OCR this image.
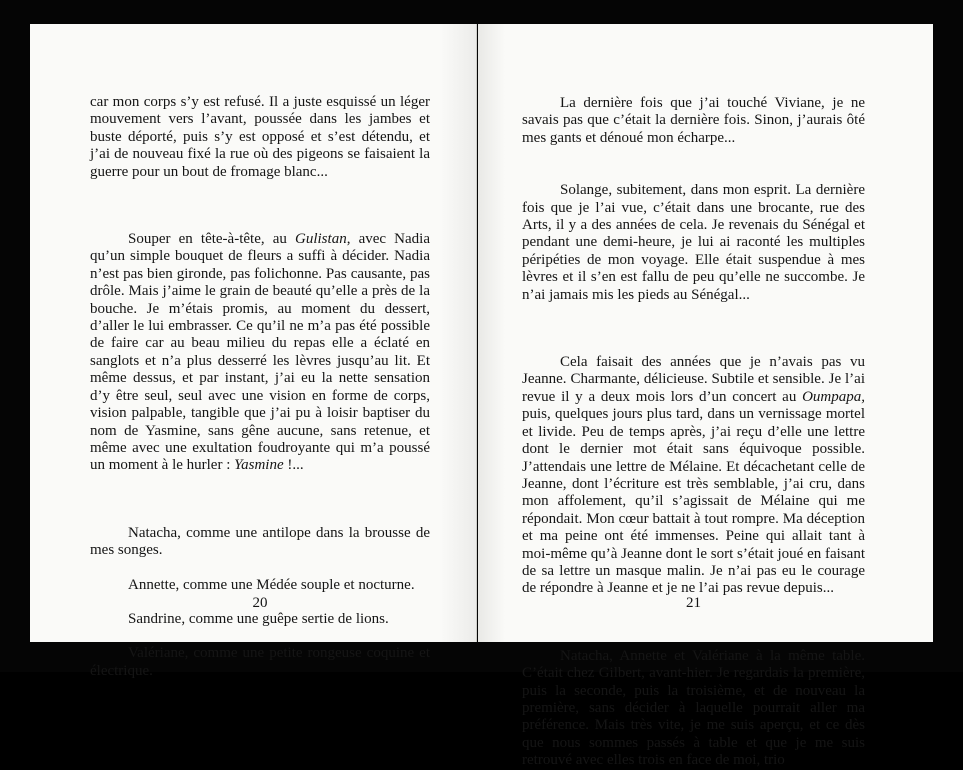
car mon corps s’y est refusé. Il a juste esquissé un léger mouvement vers l’avant, poussée dans les jambes et buste déporté, puis s’y est opposé et s’est détendu, et j’ai de nouveau fixé la rue où des pigeons se faisaient la guerre pour un bout de fromage blanc...

Souper en tête-à-tête, au Gulistan, avec Nadia qu’un simple bouquet de fleurs a suffi à décider. Nadia n’est pas bien gironde, pas folichonne. Pas causante, pas drôle. Mais j’aime le grain de beauté qu’elle a près de la bouche. Je m’étais promis, au moment du dessert, d’aller le lui embrasser. Ce qu’il ne m’a pas été possible de faire car au beau milieu du repas elle a éclaté en sanglots et n’a plus desserré les lèvres jusqu’au lit. Et même dessus, et par instant, j’ai eu la nette sensation d’y être seul, seul avec une vision en forme de corps, vision palpable, tangible que j’ai pu à loisir baptiser du nom de Yasmine, sans gêne aucune, sans retenue, et même avec une exultation foudroyante qui m’a poussé un moment à le hurler : Yasmine !...

Natacha, comme une antilope dans la brousse de mes songes.

Annette, comme une Médée souple et nocturne.

Sandrine, comme une guêpe sertie de lions.

Valériane, comme une petite rongeuse coquine et électrique.

20

La dernière fois que j’ai touché Viviane, je ne savais pas que c’était la dernière fois. Sinon, j’aurais ôté mes gants et dénoué mon écharpe...

Solange, subitement, dans mon esprit. La dernière fois que je l’ai vue, c’était dans une brocante, rue des Arts, il y a des années de cela. Je revenais du Sénégal et pendant une demi-heure, je lui ai raconté les multiples péripéties de mon voyage. Elle était suspendue à mes lèvres et il s’en est fallu de peu qu’elle ne succombe. Je n’ai jamais mis les pieds au Sénégal...

Cela faisait des années que je n’avais pas vu Jeanne. Charmante, délicieuse. Subtile et sensible. Je l’ai revue il y a deux mois lors d’un concert au Oumpapa, puis, quelques jours plus tard, dans un vernissage mortel et livide. Peu de temps après, j’ai reçu d’elle une lettre dont le dernier mot était sans équivoque possible. J’attendais une lettre de Mélaine. Et décachetant celle de Jeanne, dont l’écriture est très semblable, j’ai cru, dans mon affolement, qu’il s’agissait de Mélaine qui me répondait. Mon cœur battait à tout rompre. Ma déception et ma peine ont été immenses. Peine qui allait tant à moi-même qu’à Jeanne dont le sort s’était joué en faisant de sa lettre un masque malin. Je n’ai pas eu le courage de répondre à Jeanne et je ne l’ai pas revue depuis...

Natacha, Annette et Valériane à la même table. C’était chez Gilbert, avant-hier. Je regardais la première, puis la seconde, puis la troisième, et de nouveau la première, sans décider à laquelle pourrait aller ma préférence. Mais très vite, je me suis aperçu, et ce dès que nous sommes passés à table et que je me suis retrouvé avec elles trois en face de moi, trio

21
